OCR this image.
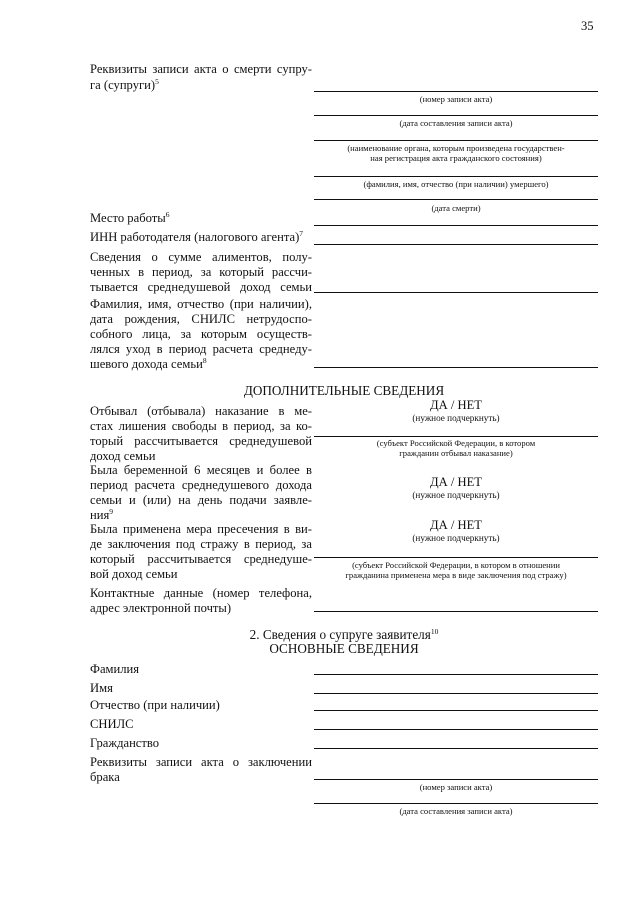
35
Реквизиты записи акта о смерти супру-
га (супруги)$^5$
(номер записи акта)
(дата составления записи акта)
(наименование органа, которым произведена государствен-
ная регистрация акта гражданского состояния)
(фамилия, имя, отчество (при наличии) умершего)
(дата смерти)
Место работы$^6$
ИНН работодателя (налогового агента)$^7$
Сведения о сумме алиментов, полу-
ченных в период, за который рассчи-
тывается среднедушевой доход семьи
Фамилия, имя, отчество (при наличии),
дата рождения, СНИЛС нетрудоспо-
собного лица, за которым осуществ-
лялся уход в период расчета среднеду-
шевого дохода семьи$^8$
ДОПОЛНИТЕЛЬНЫЕ СВЕДЕНИЯ
Отбывал (отбывала) наказание в ме-
стах лишения свободы в период, за ко-
торый рассчитывается среднедушевой
доход семьи
ДА / НЕТ
(нужное подчеркнуть)
(субъект Российской Федерации, в котором
гражданин отбывал наказание)
Была беременной 6 месяцев и более в
период расчета среднедушевого дохода
семьи и (или) на день подачи заявле-
ния$^9$
ДА / НЕТ
(нужное подчеркнуть)
Была применена мера пресечения в ви-
де заключения под стражу в период, за
который рассчитывается среднедуше-
вой доход семьи
ДА / НЕТ
(нужное подчеркнуть)
(субъект Российской Федерации, в котором в отношении
гражданина применена мера в виде заключения под стражу)
Контактные данные (номер телефона,
адрес электронной почты)
2. Сведения о супруге заявителя$^{10}$
ОСНОВНЫЕ СВЕДЕНИЯ
Фамилия
Имя
Отчество (при наличии)
СНИЛС
Гражданство
Реквизиты записи акта о заключении
брака
(номер записи акта)
(дата составления записи акта)
